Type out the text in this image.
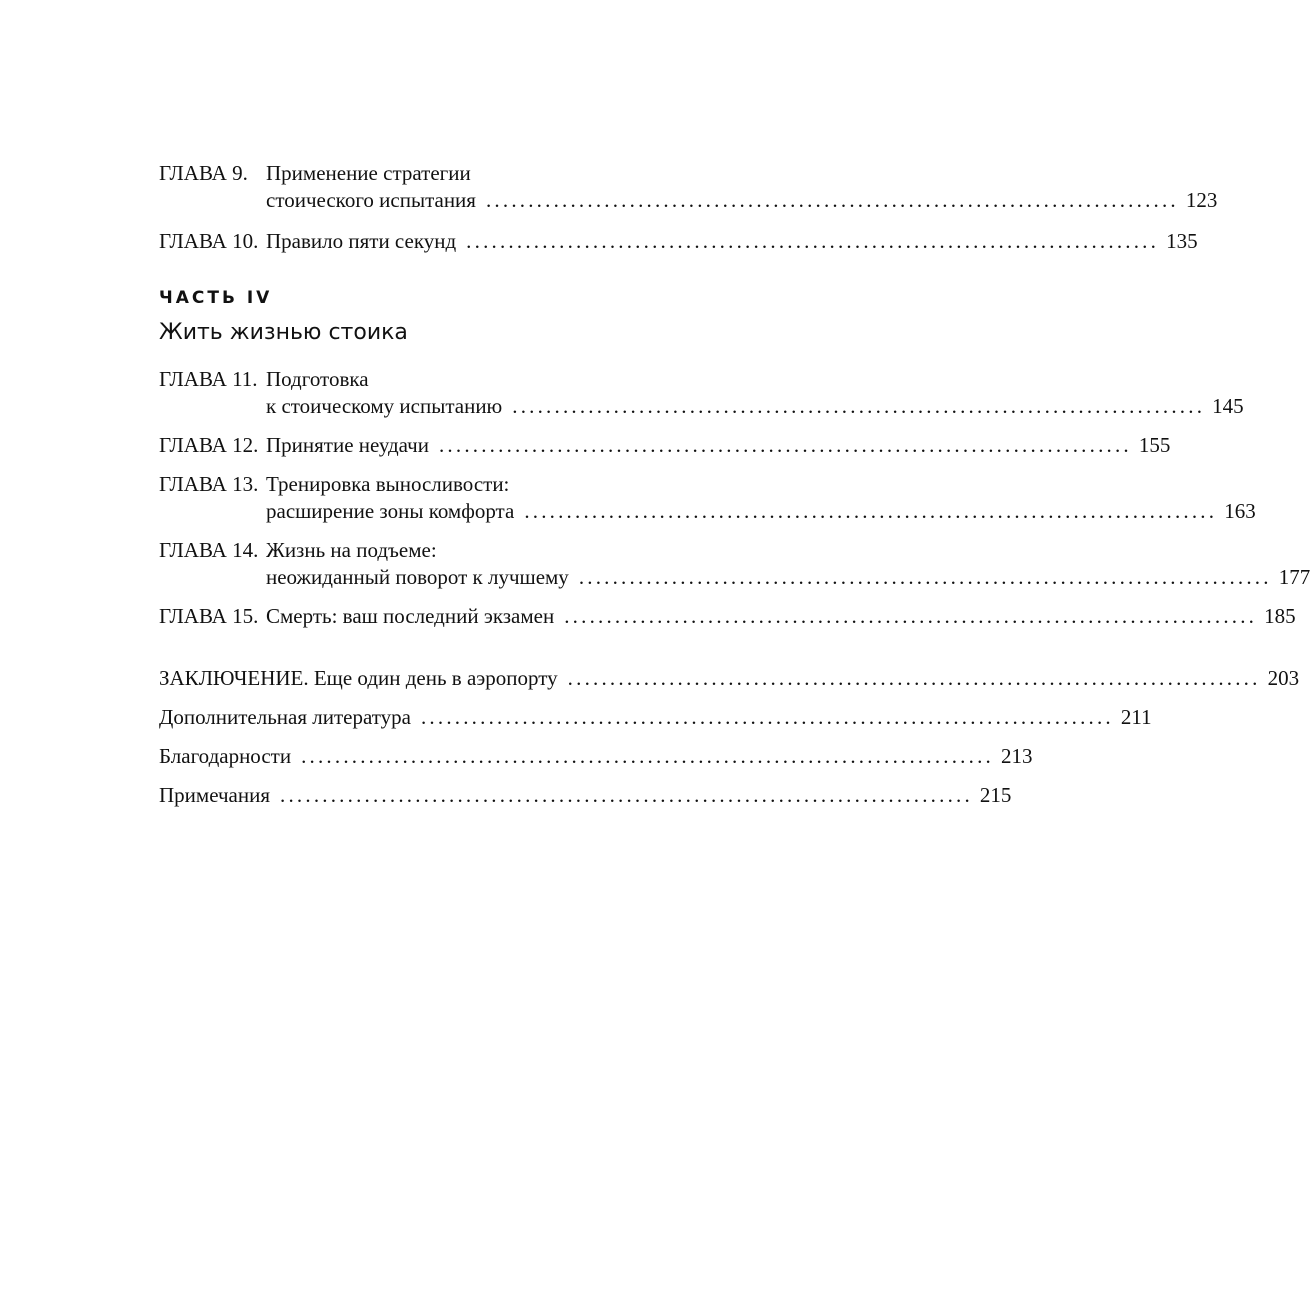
ГЛАВА 9. Применение стратегии
стоического испытания .................................................................................. 123
ГЛАВА 10. Правило пяти секунд .................................................................................. 135
ЧАСТЬ IV
Жить жизнью стоика
ГЛАВА 11. Подготовка
к стоическому испытанию .................................................................................. 145
ГЛАВА 12. Принятие неудачи .................................................................................. 155
ГЛАВА 13. Тренировка выносливости:
расширение зоны комфорта .................................................................................. 163
ГЛАВА 14. Жизнь на подъеме:
неожиданный поворот к лучшему .................................................................................. 177
ГЛАВА 15. Смерть: ваш последний экзамен .................................................................................. 185
ЗАКЛЮЧЕНИЕ. Еще один день в аэропорту .................................................................................. 203
Дополнительная литература .................................................................................. 211
Благодарности .................................................................................. 213
Примечания .................................................................................. 215
